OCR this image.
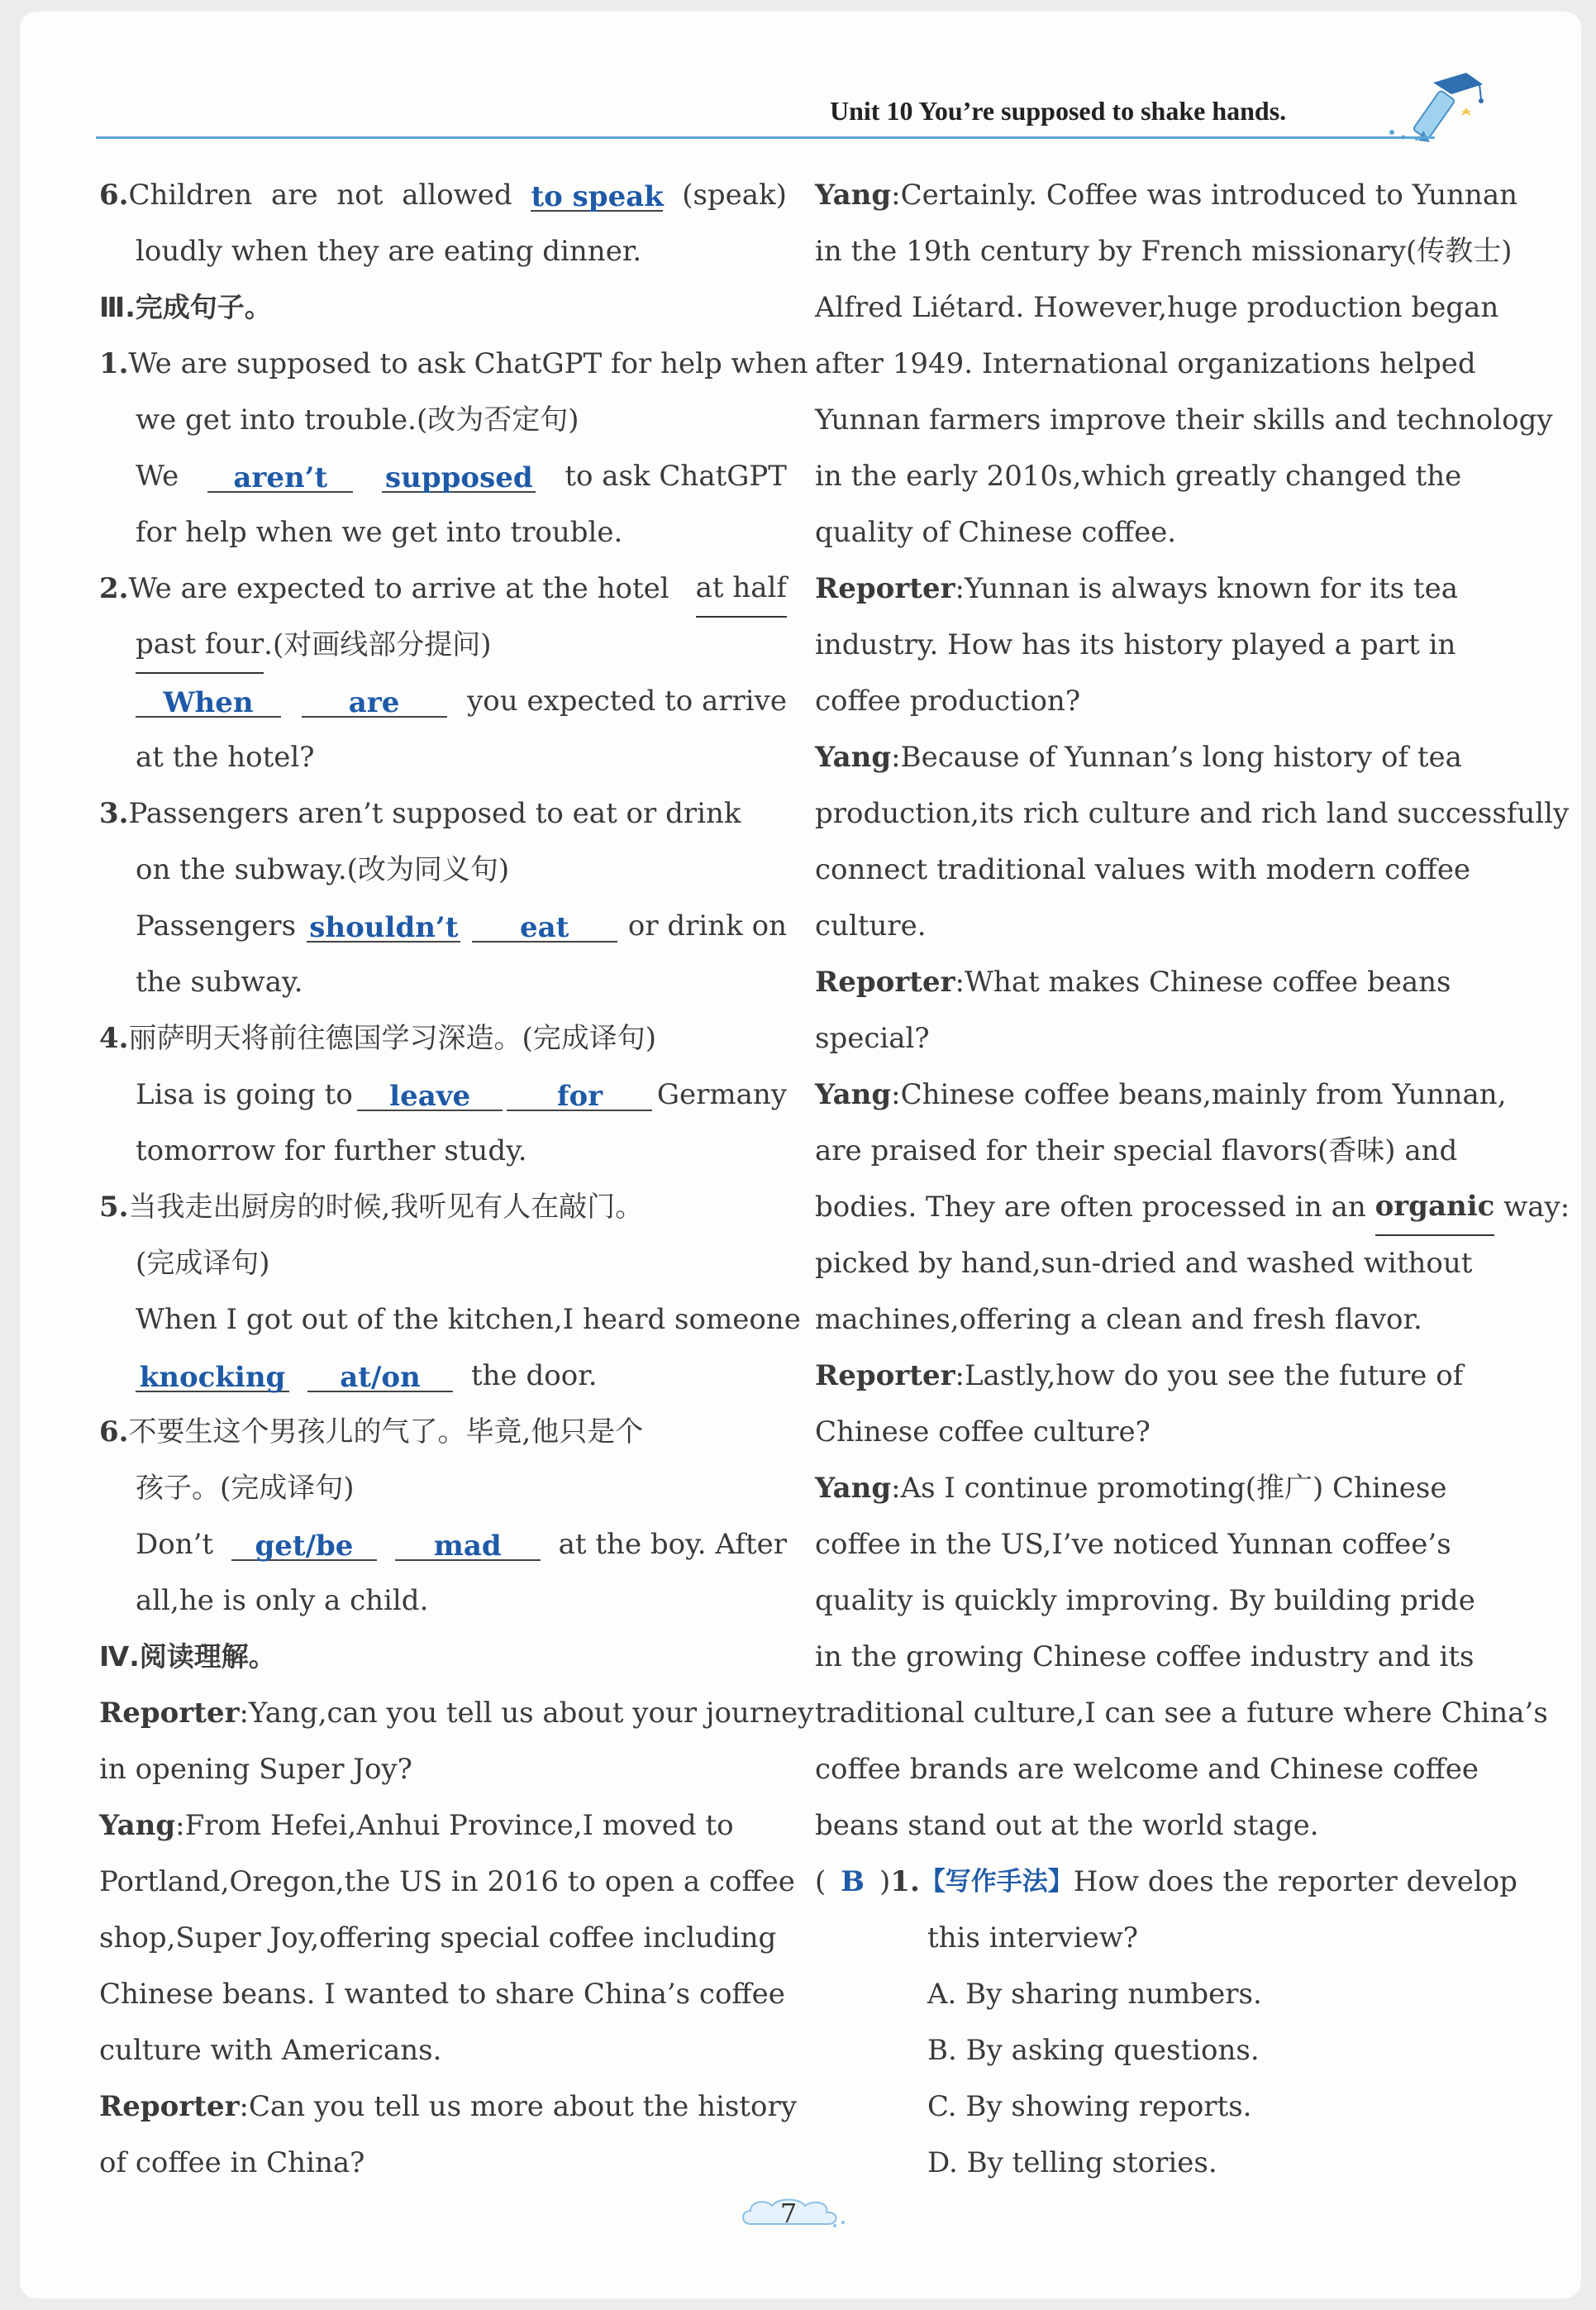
Unit 10 You’re supposed to shake hands.
6.Children are not allowed to speak (speak)
loudly when they are eating dinner.
Ⅲ.完成句子。
1. We are supposed to ask ChatGPT for help when
we get into trouble.(改为否定句)
We	aren’t	supposed to ask ChatGPT
for help when we get into trouble.
2.We are expected to arrive at the hotel at half
past four .(对画线部分提问)
When	are	you expected to arrive
at the hotel?
3. Passengers aren’t supposed to eat or drink
on the subway.(改为同义句)
Passengers shouldn’t	eat	or drink on
the subway.
4. 丽萨明天将前往德国学习深造。(完成译句)
Lisa is going to	leave	for	Germany
tomorrow for further study.
5. 当我走出厨房的时候,我听见有人在敲门。
(完成译句)
When I got out of the kitchen,I heard someone
knocking	at/on	the door.
6. 不要生这个男孩儿的气了。毕竟,他只是个
孩子。(完成译句)
Don’t	get/be	mad	at the boy. After
all,he is only a child.
Ⅳ.阅读理解。
Reporter :Yang,can you tell us about your journey
in opening Super Joy?
Yang :From Hefei,Anhui Province,I moved to
Portland,Oregon,the US in 2016 to open a coffee
shop,Super Joy,offering special coffee including
Chinese beans. I wanted to share China’s coffee
culture with Americans.
Reporter :Can you tell us more about the history
of coffee in China?
Yang :Certainly. Coffee was introduced to Yunnan
in the 19th century by French missionary(传教士)
Alfred Liétard. However,huge production began
after 1949. International organizations helped
Yunnan farmers improve their skills and technology
in the early 2010s,which greatly changed the
quality of Chinese coffee.
Reporter :Yunnan is always known for its tea
industry. How has its history played a part in
coffee production?
Yang :Because of Yunnan’s long history of tea
production,its rich culture and rich land successfully
connect traditional values with modern coffee
culture.
Reporter :What makes Chinese coffee beans
special?
Yang :Chinese coffee beans,mainly from Yunnan,
are praised for their special flavors(香味) and
bodies. They are often processed in an
organic
way:
picked by hand,sun-dried and washed without
machines,offering a clean and fresh flavor.
Reporter :Lastly,how do you see the future of
Chinese coffee culture?
Yang :As I continue promoting(推广) Chinese
coffee in the US,I’ve noticed Yunnan coffee’s
quality is quickly improving. By building pride
in the growing Chinese coffee industry and its
traditional culture,I can see a future where China’s
coffee brands are welcome and Chinese coffee
beans stand out at the world stage.
( B ) 1. 【写作手法】 How does the reporter develop
this interview?
A. By sharing numbers.
B. By asking questions.
C. By showing reports.
D. By telling stories.
7
